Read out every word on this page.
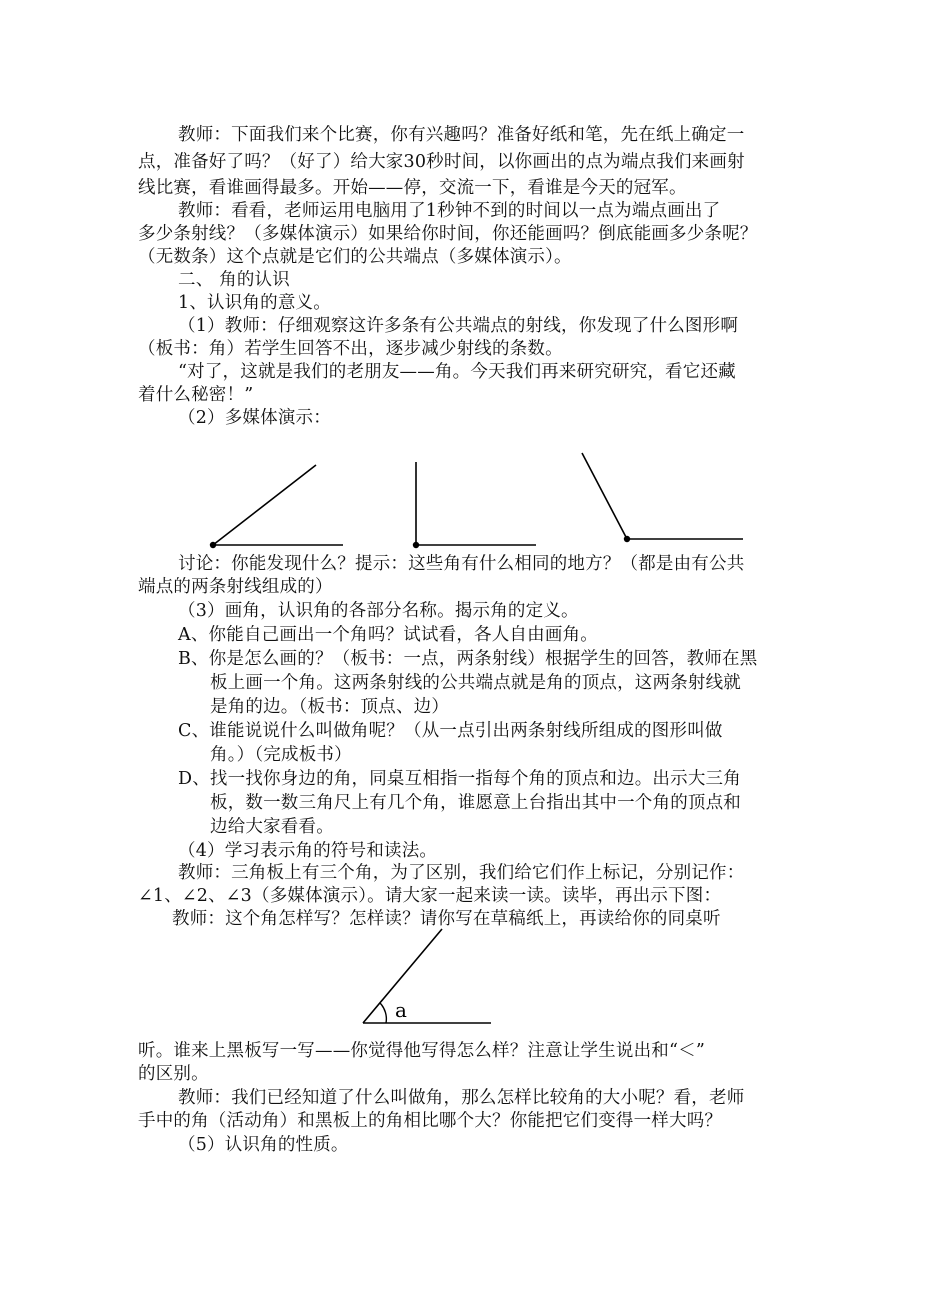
教师：下面我们来个比赛，你有兴趣吗？准备好纸和笔，先在纸上确定一
点，准备好了吗？（好了）给大家30秒时间，以你画出的点为端点我们来画射
线比赛，看谁画得最多。开始——停，交流一下，看谁是今天的冠军。
教师：看看，老师运用电脑用了1秒钟不到的时间以一点为端点画出了
多少条射线？（多媒体演示）如果给你时间，你还能画吗？倒底能画多少条呢？
（无数条）这个点就是它们的公共端点（多媒体演示）。
二、 角的认识
1、认识角的意义。
（1）教师：仔细观察这许多条有公共端点的射线，你发现了什么图形啊
（板书：角）若学生回答不出，逐步减少射线的条数。
“对了，这就是我们的老朋友——角。今天我们再来研究研究，看它还藏
着什么秘密！”
（2）多媒体演示：
讨论：你能发现什么？提示：这些角有什么相同的地方？（都是由有公共
端点的两条射线组成的）
（3）画角，认识角的各部分名称。揭示角的定义。
A、你能自己画出一个角吗？试试看，各人自由画角。
B、你是怎么画的？（板书：一点，两条射线）根据学生的回答，教师在黑
板上画一个角。这两条射线的公共端点就是角的顶点，这两条射线就
是角的边。（板书：顶点、边）
C、谁能说说什么叫做角呢？（从一点引出两条射线所组成的图形叫做
角。）（完成板书）
D、找一找你身边的角，同桌互相指一指每个角的顶点和边。出示大三角
板，数一数三角尺上有几个角，谁愿意上台指出其中一个角的顶点和
边给大家看看。
（4）学习表示角的符号和读法。
教师：三角板上有三个角，为了区别，我们给它们作上标记，分别记作：
∠1、∠2、∠3（多媒体演示）。请大家一起来读一读。读毕，再出示下图：
教师：这个角怎样写？怎样读？请你写在草稿纸上，再读给你的同桌听
a
听。谁来上黑板写一写——你觉得他写得怎么样？注意让学生说出和“＜”
的区别。
教师：我们已经知道了什么叫做角，那么怎样比较角的大小呢？看，老师
手中的角（活动角）和黑板上的角相比哪个大？你能把它们变得一样大吗？
（5）认识角的性质。
